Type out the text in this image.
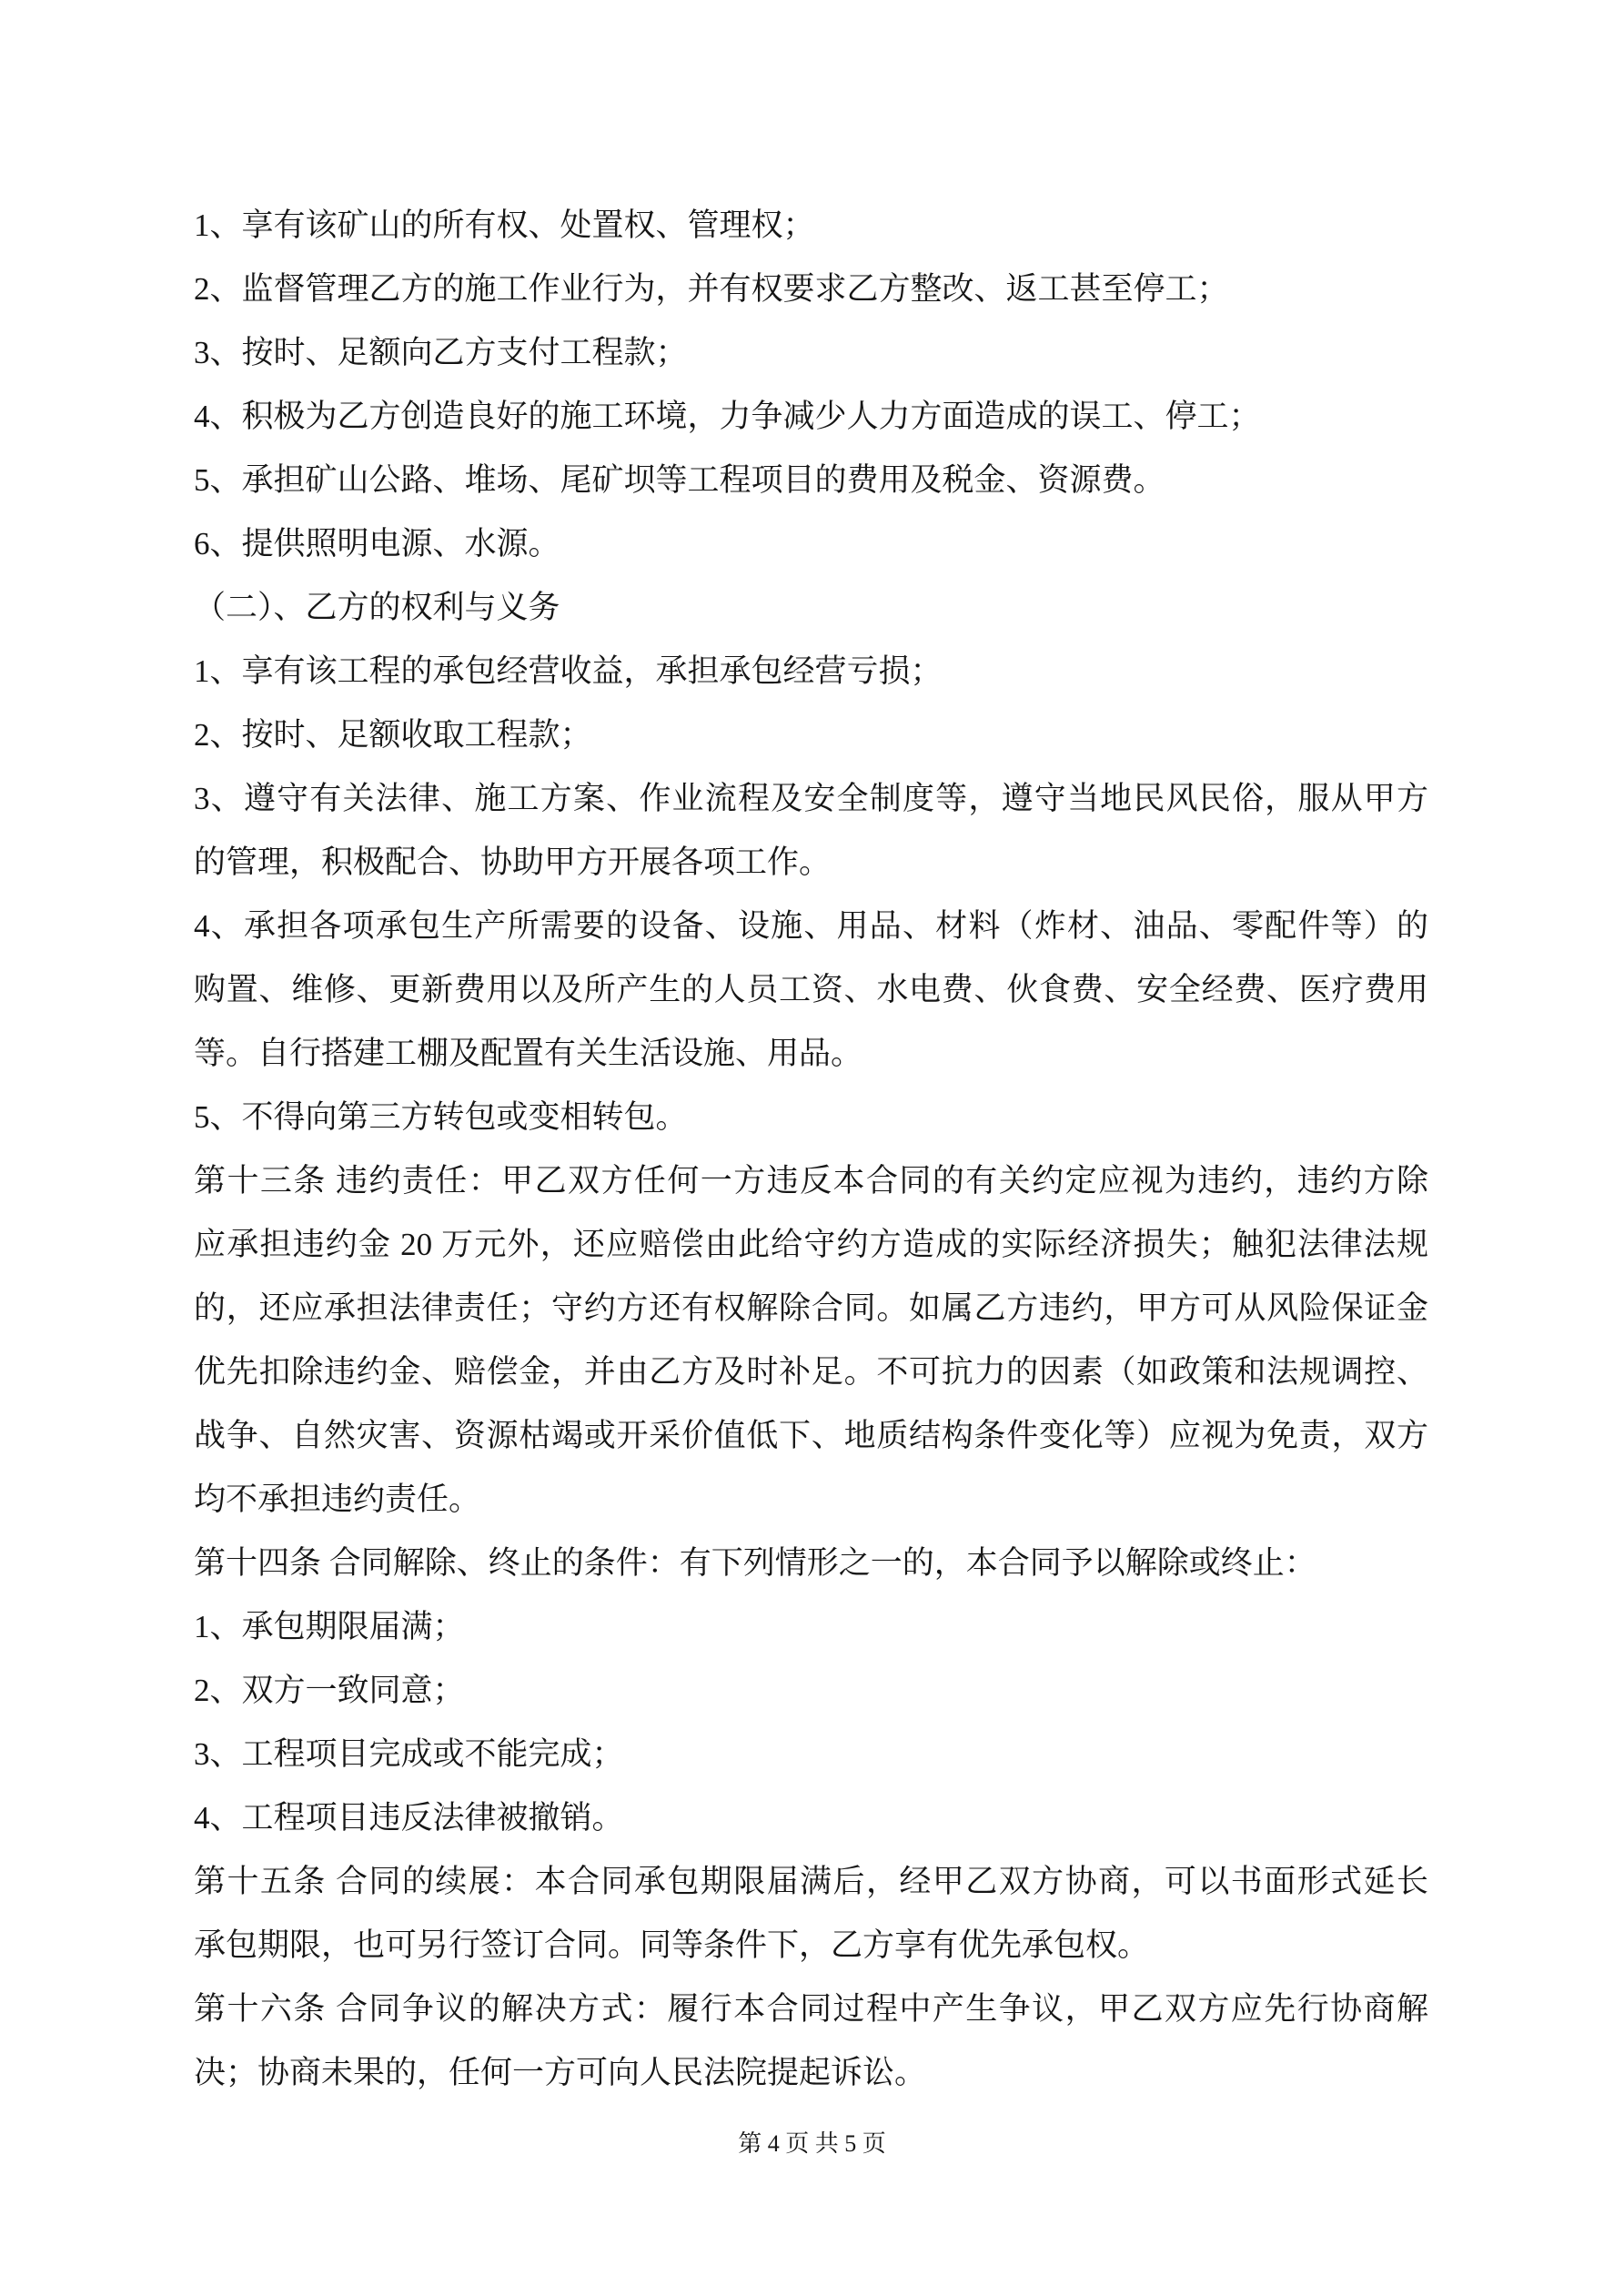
1、享有该矿山的所有权、处置权、管理权；
2、监督管理乙方的施工作业行为，并有权要求乙方整改、返工甚至停工；
3、按时、足额向乙方支付工程款；
4、积极为乙方创造良好的施工环境，力争减少人力方面造成的误工、停工；
5、承担矿山公路、堆场、尾矿坝等工程项目的费用及税金、资源费。
6、提供照明电源、水源。
（二）、乙方的权利与义务
1、享有该工程的承包经营收益，承担承包经营亏损；
2、按时、足额收取工程款；
3、遵守有关法律、施工方案、作业流程及安全制度等，遵守当地民风民俗，服从甲方
的管理，积极配合、协助甲方开展各项工作。
4、承担各项承包生产所需要的设备、设施、用品、材料（炸材、油品、零配件等）的
购置、维修、更新费用以及所产生的人员工资、水电费、伙食费、安全经费、医疗费用
等。自行搭建工棚及配置有关生活设施、用品。
5、不得向第三方转包或变相转包。
第十三条 违约责任：甲乙双方任何一方违反本合同的有关约定应视为违约，违约方除
应承担违约金 20 万元外，还应赔偿由此给守约方造成的实际经济损失；触犯法律法规
的，还应承担法律责任；守约方还有权解除合同。如属乙方违约，甲方可从风险保证金
优先扣除违约金、赔偿金，并由乙方及时补足。不可抗力的因素（如政策和法规调控、
战争、自然灾害、资源枯竭或开采价值低下、地质结构条件变化等）应视为免责，双方
均不承担违约责任。
第十四条 合同解除、终止的条件：有下列情形之一的，本合同予以解除或终止：
1、承包期限届满；
2、双方一致同意；
3、工程项目完成或不能完成；
4、工程项目违反法律被撤销。
第十五条 合同的续展：本合同承包期限届满后，经甲乙双方协商，可以书面形式延长
承包期限，也可另行签订合同。同等条件下，乙方享有优先承包权。
第十六条 合同争议的解决方式：履行本合同过程中产生争议，甲乙双方应先行协商解
决；协商未果的，任何一方可向人民法院提起诉讼。
第 4 页 共 5 页
